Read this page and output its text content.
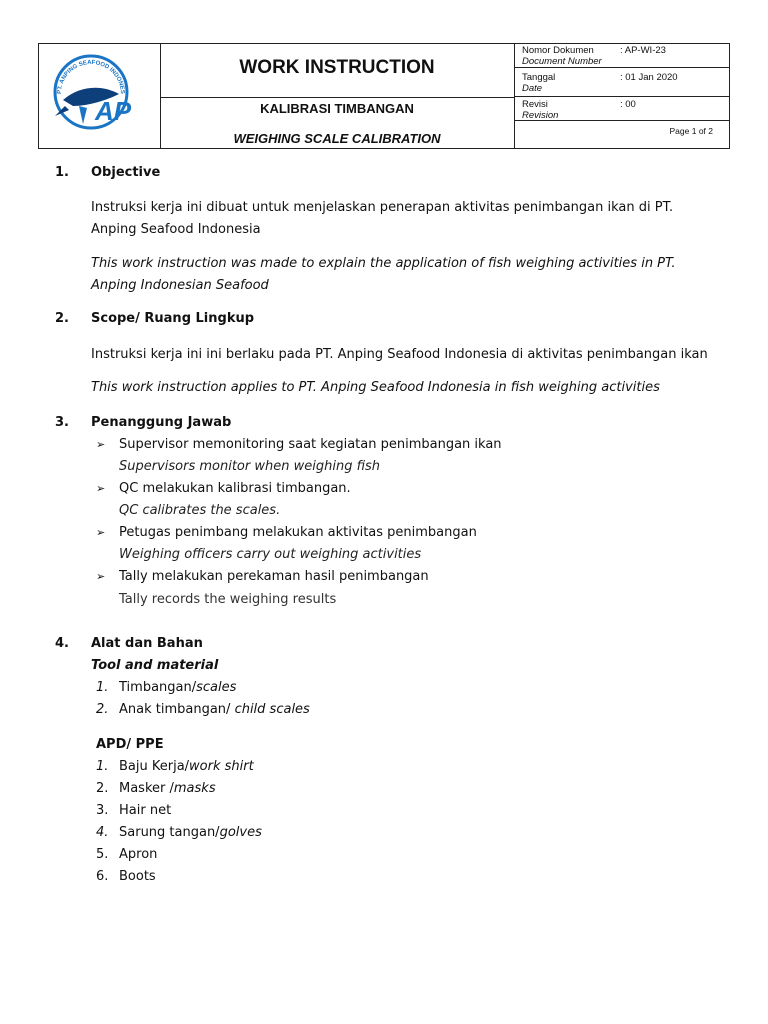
PT. ANPING SEAFOOD INDONES
AP
WORK INSTRUCTION
KALIBRASI TIMBANGAN
WEIGHING SCALE CALIBRATION
Nomor Dokumen
Document Number
: AP-WI-23
Tanggal
Date
: 01 Jan 2020
Revisi
Revision
: 00
Page 1 of 2
1. Objective
Instruksi kerja ini dibuat untuk menjelaskan penerapan aktivitas penimbangan ikan di PT.
Anping Seafood Indonesia
This work instruction was made to explain the application of fish weighing activities in PT.
Anping Indonesian Seafood
2. Scope/ Ruang Lingkup
Instruksi kerja ini ini berlaku pada PT. Anping Seafood Indonesia di aktivitas penimbangan ikan
This work instruction applies to PT. Anping Seafood Indonesia in fish weighing activities
3. Penanggung Jawab
➢ Supervisor memonitoring saat kegiatan penimbangan ikan
Supervisors monitor when weighing fish
➢ QC melakukan kalibrasi timbangan.
QC calibrates the scales.
➢ Petugas penimbang melakukan aktivitas penimbangan
Weighing officers carry out weighing activities
➢ Tally melakukan perekaman hasil penimbangan
Tally records the weighing results
4. Alat dan Bahan
Tool and material
1. Timbangan/scales
2. Anak timbangan/ child scales
APD/ PPE
1. Baju Kerja/work shirt
2. Masker /masks
3. Hair net
4. Sarung tangan/golves
5. Apron
6. Boots
